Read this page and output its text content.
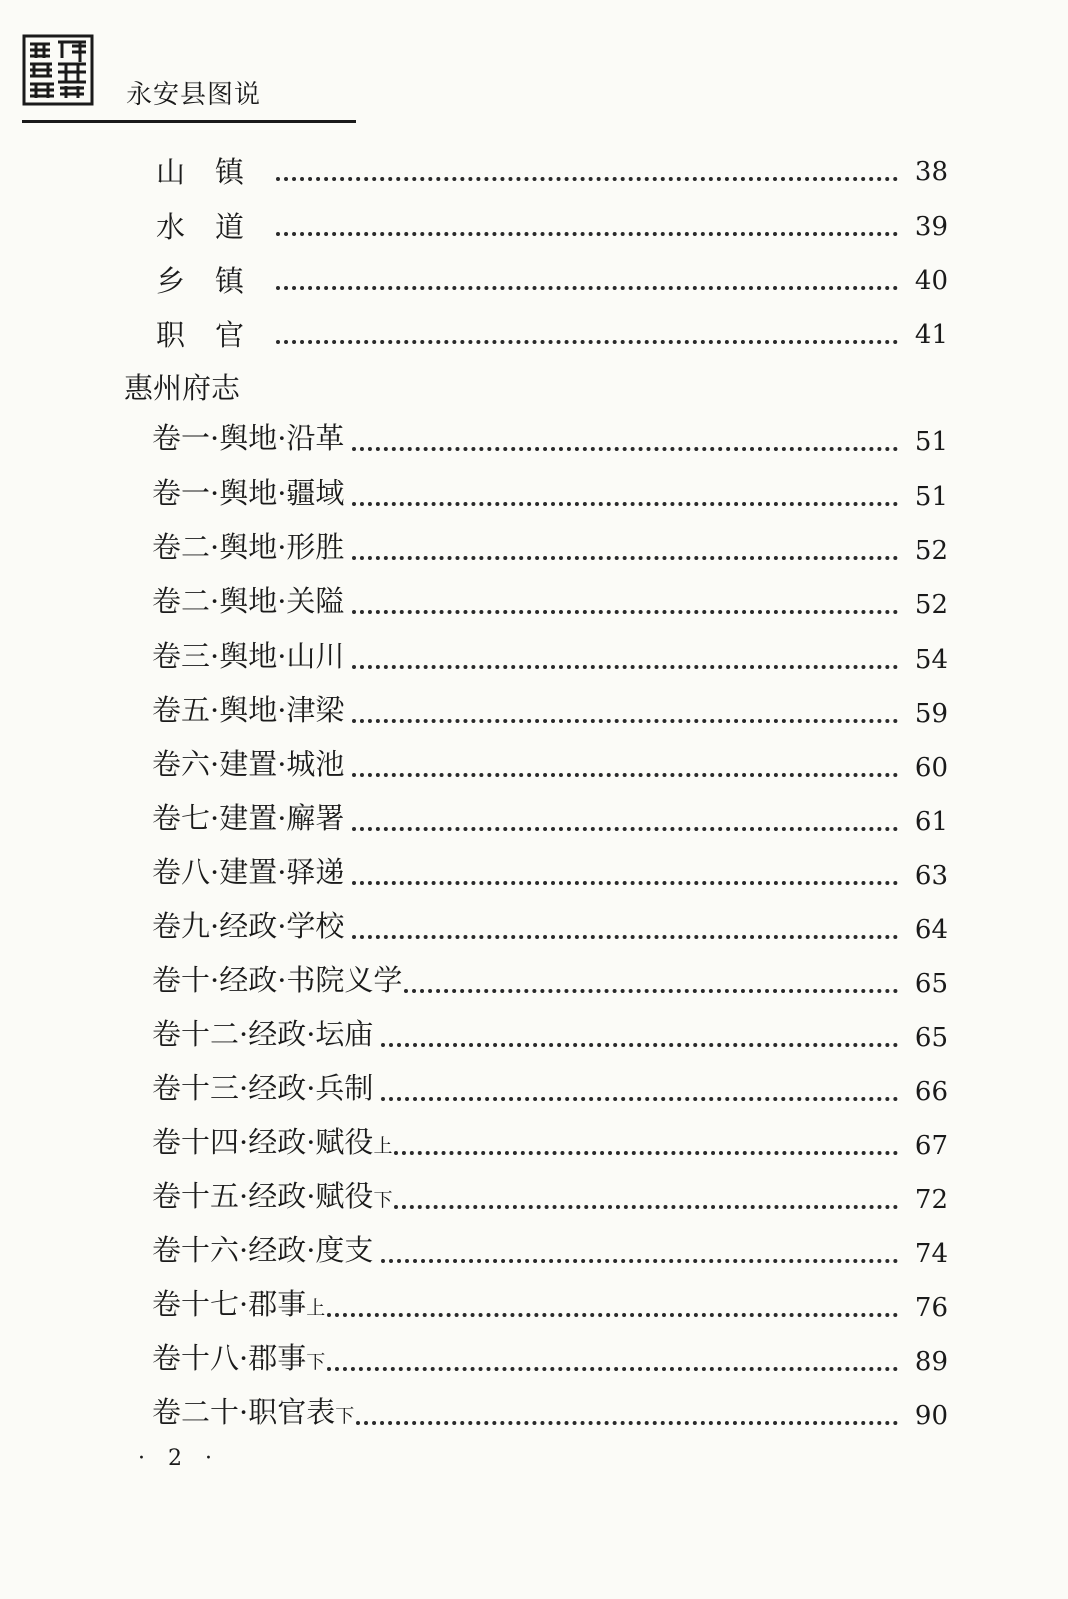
永安县图说
山镇	38
水道	39
乡镇	40
职官	41
惠州府志
卷一·舆地·沿革	51
卷一·舆地·疆域	51
卷二·舆地·形胜	52
卷二·舆地·关隘	52
卷三·舆地·山川	54
卷五·舆地·津梁	59
卷六·建置·城池	60
卷七·建置·廨署	61
卷八·建置·驿递	63
卷九·经政·学校	64
卷十·经政·书院义学	65
卷十二·经政·坛庙	65
卷十三·经政·兵制	66
卷十四·经政·赋役上	67
卷十五·经政·赋役下	72
卷十六·经政·度支	74
卷十七·郡事上	76
卷十八·郡事下	89
卷二十·职官表下	90
· 2 ·
